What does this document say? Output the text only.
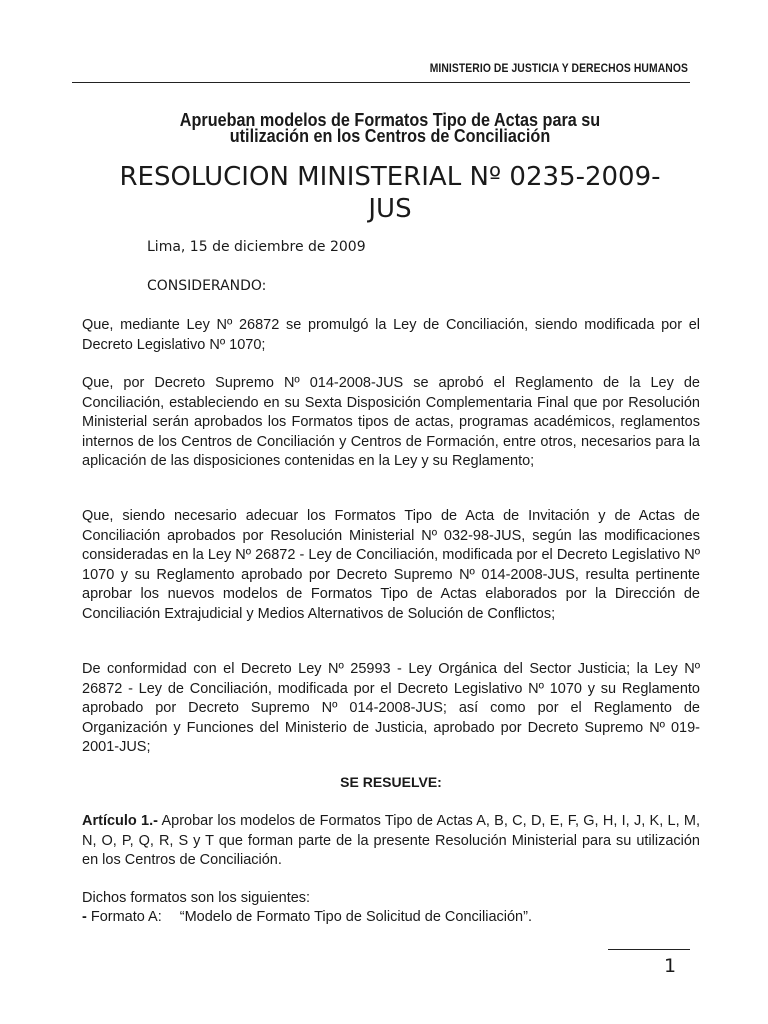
MINISTERIO DE JUSTICIA Y DERECHOS HUMANOS
Aprueban modelos de Formatos Tipo de Actas para su
utilización en los Centros de Conciliación
RESOLUCION MINISTERIAL Nº 0235-2009-
JUS
Lima, 15 de diciembre de 2009
CONSIDERANDO:
Que, mediante Ley Nº 26872 se promulgó la Ley de Conciliación, siendo modificada por el Decreto Legislativo Nº 1070;
Que, por Decreto Supremo Nº 014-2008-JUS se aprobó el Reglamento de la Ley de Conciliación, estableciendo en su Sexta Disposición Complementaria Final que por Resolución Ministerial serán aprobados los Formatos tipos de actas, programas académicos, reglamentos internos de los Centros de Conciliación y Centros de Formación, entre otros, necesarios para la aplicación de las disposiciones contenidas en la Ley y su Reglamento;
Que, siendo necesario adecuar los Formatos Tipo de Acta de Invitación y de Actas de Conciliación aprobados por Resolución Ministerial Nº 032-98-JUS, según las modificaciones consideradas en la Ley Nº 26872 - Ley de Conciliación, modificada por el Decreto Legislativo Nº 1070 y su Reglamento aprobado por Decreto Supremo Nº 014-2008-JUS, resulta pertinente aprobar los nuevos modelos de Formatos Tipo de Actas elaborados por la Dirección de Conciliación Extrajudicial y Medios Alternativos de Solución de Conflictos;
De conformidad con el Decreto Ley Nº 25993 - Ley Orgánica del Sector Justicia; la Ley Nº 26872 - Ley de Conciliación, modificada por el Decreto Legislativo Nº 1070 y su Reglamento aprobado por Decreto Supremo Nº 014-2008-JUS; así como por el Reglamento de Organización y Funciones del Ministerio de Justicia, aprobado por Decreto Supremo Nº 019-2001-JUS;
SE RESUELVE:
Artículo 1.- Aprobar los modelos de Formatos Tipo de Actas A, B, C, D, E, F, G, H, I, J, K, L, M, N, O, P, Q, R, S y T que forman parte de la presente Resolución Ministerial para su utilización en los Centros de Conciliación.
Dichos formatos son los siguientes:
- Formato A: “Modelo de Formato Tipo de Solicitud de Conciliación”.
1
